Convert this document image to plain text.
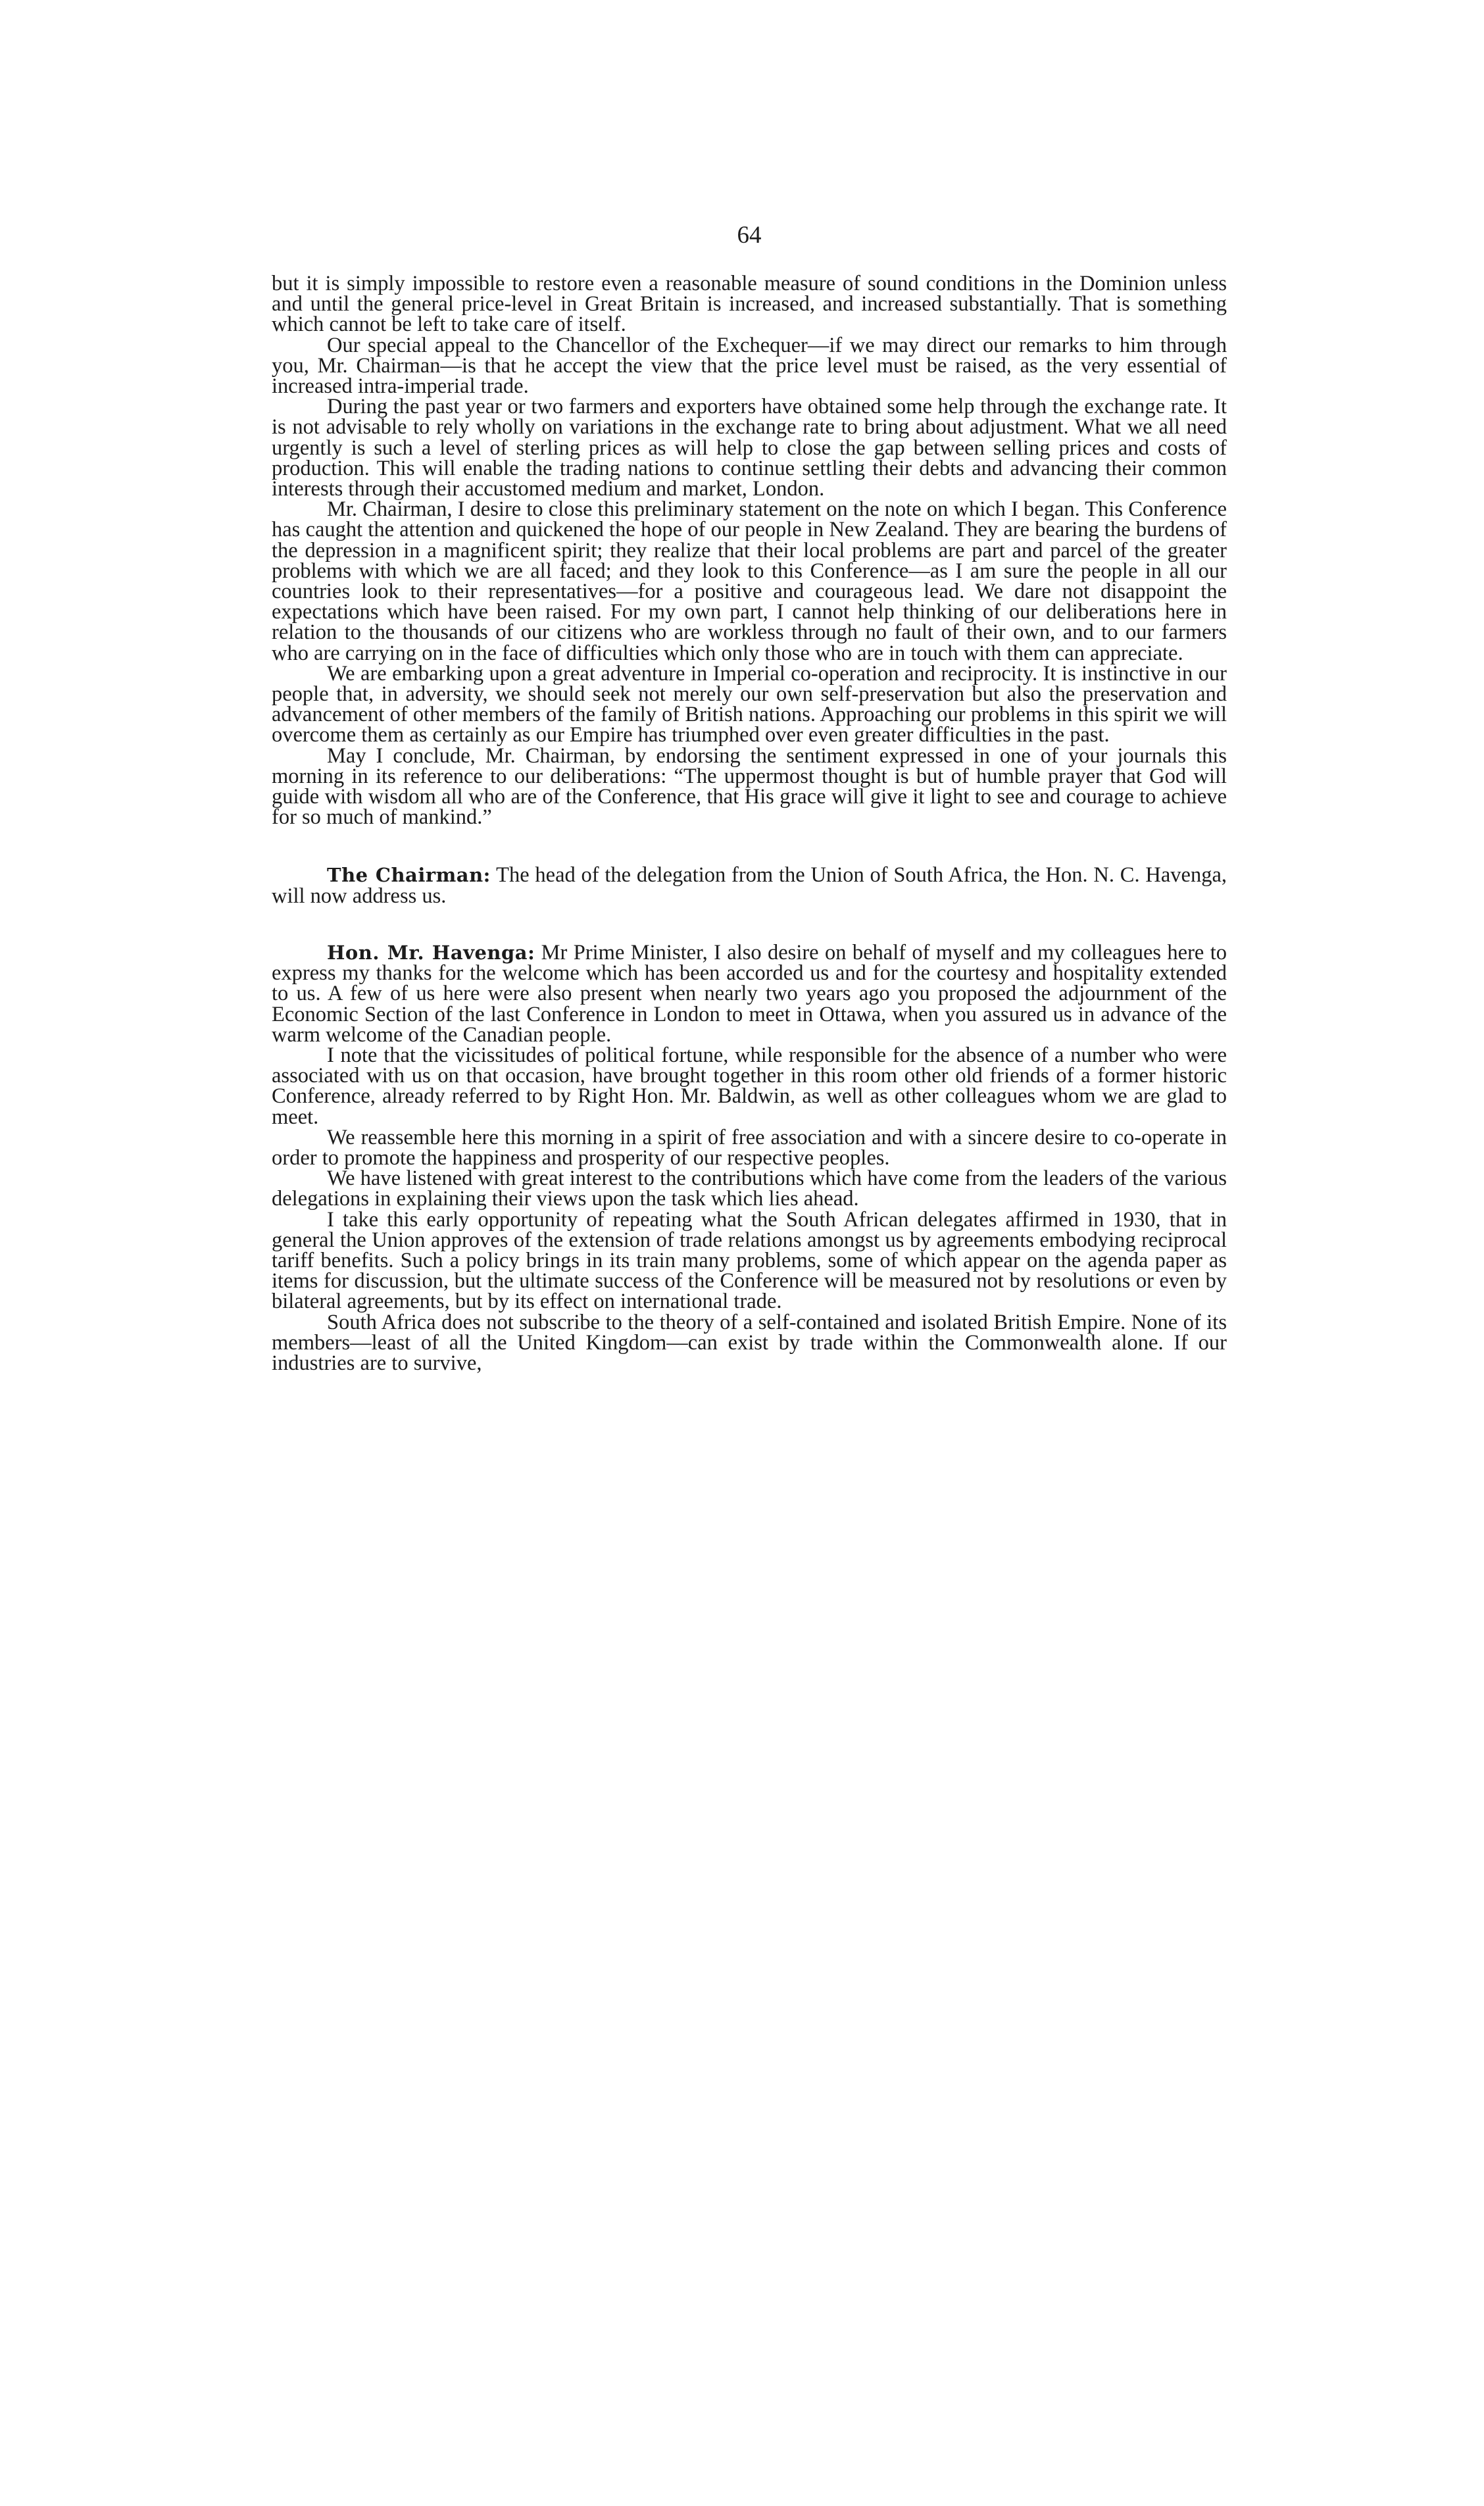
64

but it is simply impossible to restore even a reasonable measure of sound conditions in the Dominion unless and until the general price-level in Great Britain is increased, and increased substantially. That is something which cannot be left to take care of itself.

Our special appeal to the Chancellor of the Exchequer—if we may direct our remarks to him through you, Mr. Chairman—is that he accept the view that the price level must be raised, as the very essential of increased intra-imperial trade.

During the past year or two farmers and exporters have obtained some help through the exchange rate. It is not advisable to rely wholly on variations in the exchange rate to bring about adjustment. What we all need urgently is such a level of sterling prices as will help to close the gap between selling prices and costs of production. This will enable the trading nations to continue settling their debts and advancing their common interests through their accustomed medium and market, London.

Mr. Chairman, I desire to close this preliminary statement on the note on which I began. This Conference has caught the attention and quickened the hope of our people in New Zealand. They are bearing the burdens of the depression in a magnificent spirit; they realize that their local problems are part and parcel of the greater problems with which we are all faced; and they look to this Conference—as I am sure the people in all our countries look to their representatives—for a positive and courageous lead. We dare not disappoint the expectations which have been raised. For my own part, I cannot help thinking of our deliberations here in relation to the thousands of our citizens who are workless through no fault of their own, and to our farmers who are carrying on in the face of difficulties which only those who are in touch with them can appreciate.

We are embarking upon a great adventure in Imperial co-operation and reciprocity. It is instinctive in our people that, in adversity, we should seek not merely our own self-preservation but also the preservation and advancement of other members of the family of British nations. Approaching our problems in this spirit we will overcome them as certainly as our Empire has triumphed over even greater difficulties in the past.

May I conclude, Mr. Chairman, by endorsing the sentiment expressed in one of your journals this morning in its reference to our deliberations: “The uppermost thought is but of humble prayer that God will guide with wisdom all who are of the Conference, that His grace will give it light to see and courage to achieve for so much of mankind.”

The Chairman: The head of the delegation from the Union of South Africa, the Hon. N. C. Havenga, will now address us.

Hon. Mr. Havenga: Mr Prime Minister, I also desire on behalf of myself and my colleagues here to express my thanks for the welcome which has been accorded us and for the courtesy and hospitality extended to us. A few of us here were also present when nearly two years ago you proposed the adjournment of the Economic Section of the last Conference in London to meet in Ottawa, when you assured us in advance of the warm welcome of the Canadian people.

I note that the vicissitudes of political fortune, while responsible for the absence of a number who were associated with us on that occasion, have brought together in this room other old friends of a former historic Conference, already referred to by Right Hon. Mr. Baldwin, as well as other colleagues whom we are glad to meet.

We reassemble here this morning in a spirit of free association and with a sincere desire to co-operate in order to promote the happiness and prosperity of our respective peoples.

We have listened with great interest to the contributions which have come from the leaders of the various delegations in explaining their views upon the task which lies ahead.

I take this early opportunity of repeating what the South African delegates affirmed in 1930, that in general the Union approves of the extension of trade relations amongst us by agreements embodying reciprocal tariff benefits. Such a policy brings in its train many problems, some of which appear on the agenda paper as items for discussion, but the ultimate success of the Conference will be measured not by resolutions or even by bilateral agreements, but by its effect on international trade.

South Africa does not subscribe to the theory of a self-contained and isolated British Empire. None of its members—least of all the United Kingdom—can exist by trade within the Commonwealth alone. If our industries are to survive,
